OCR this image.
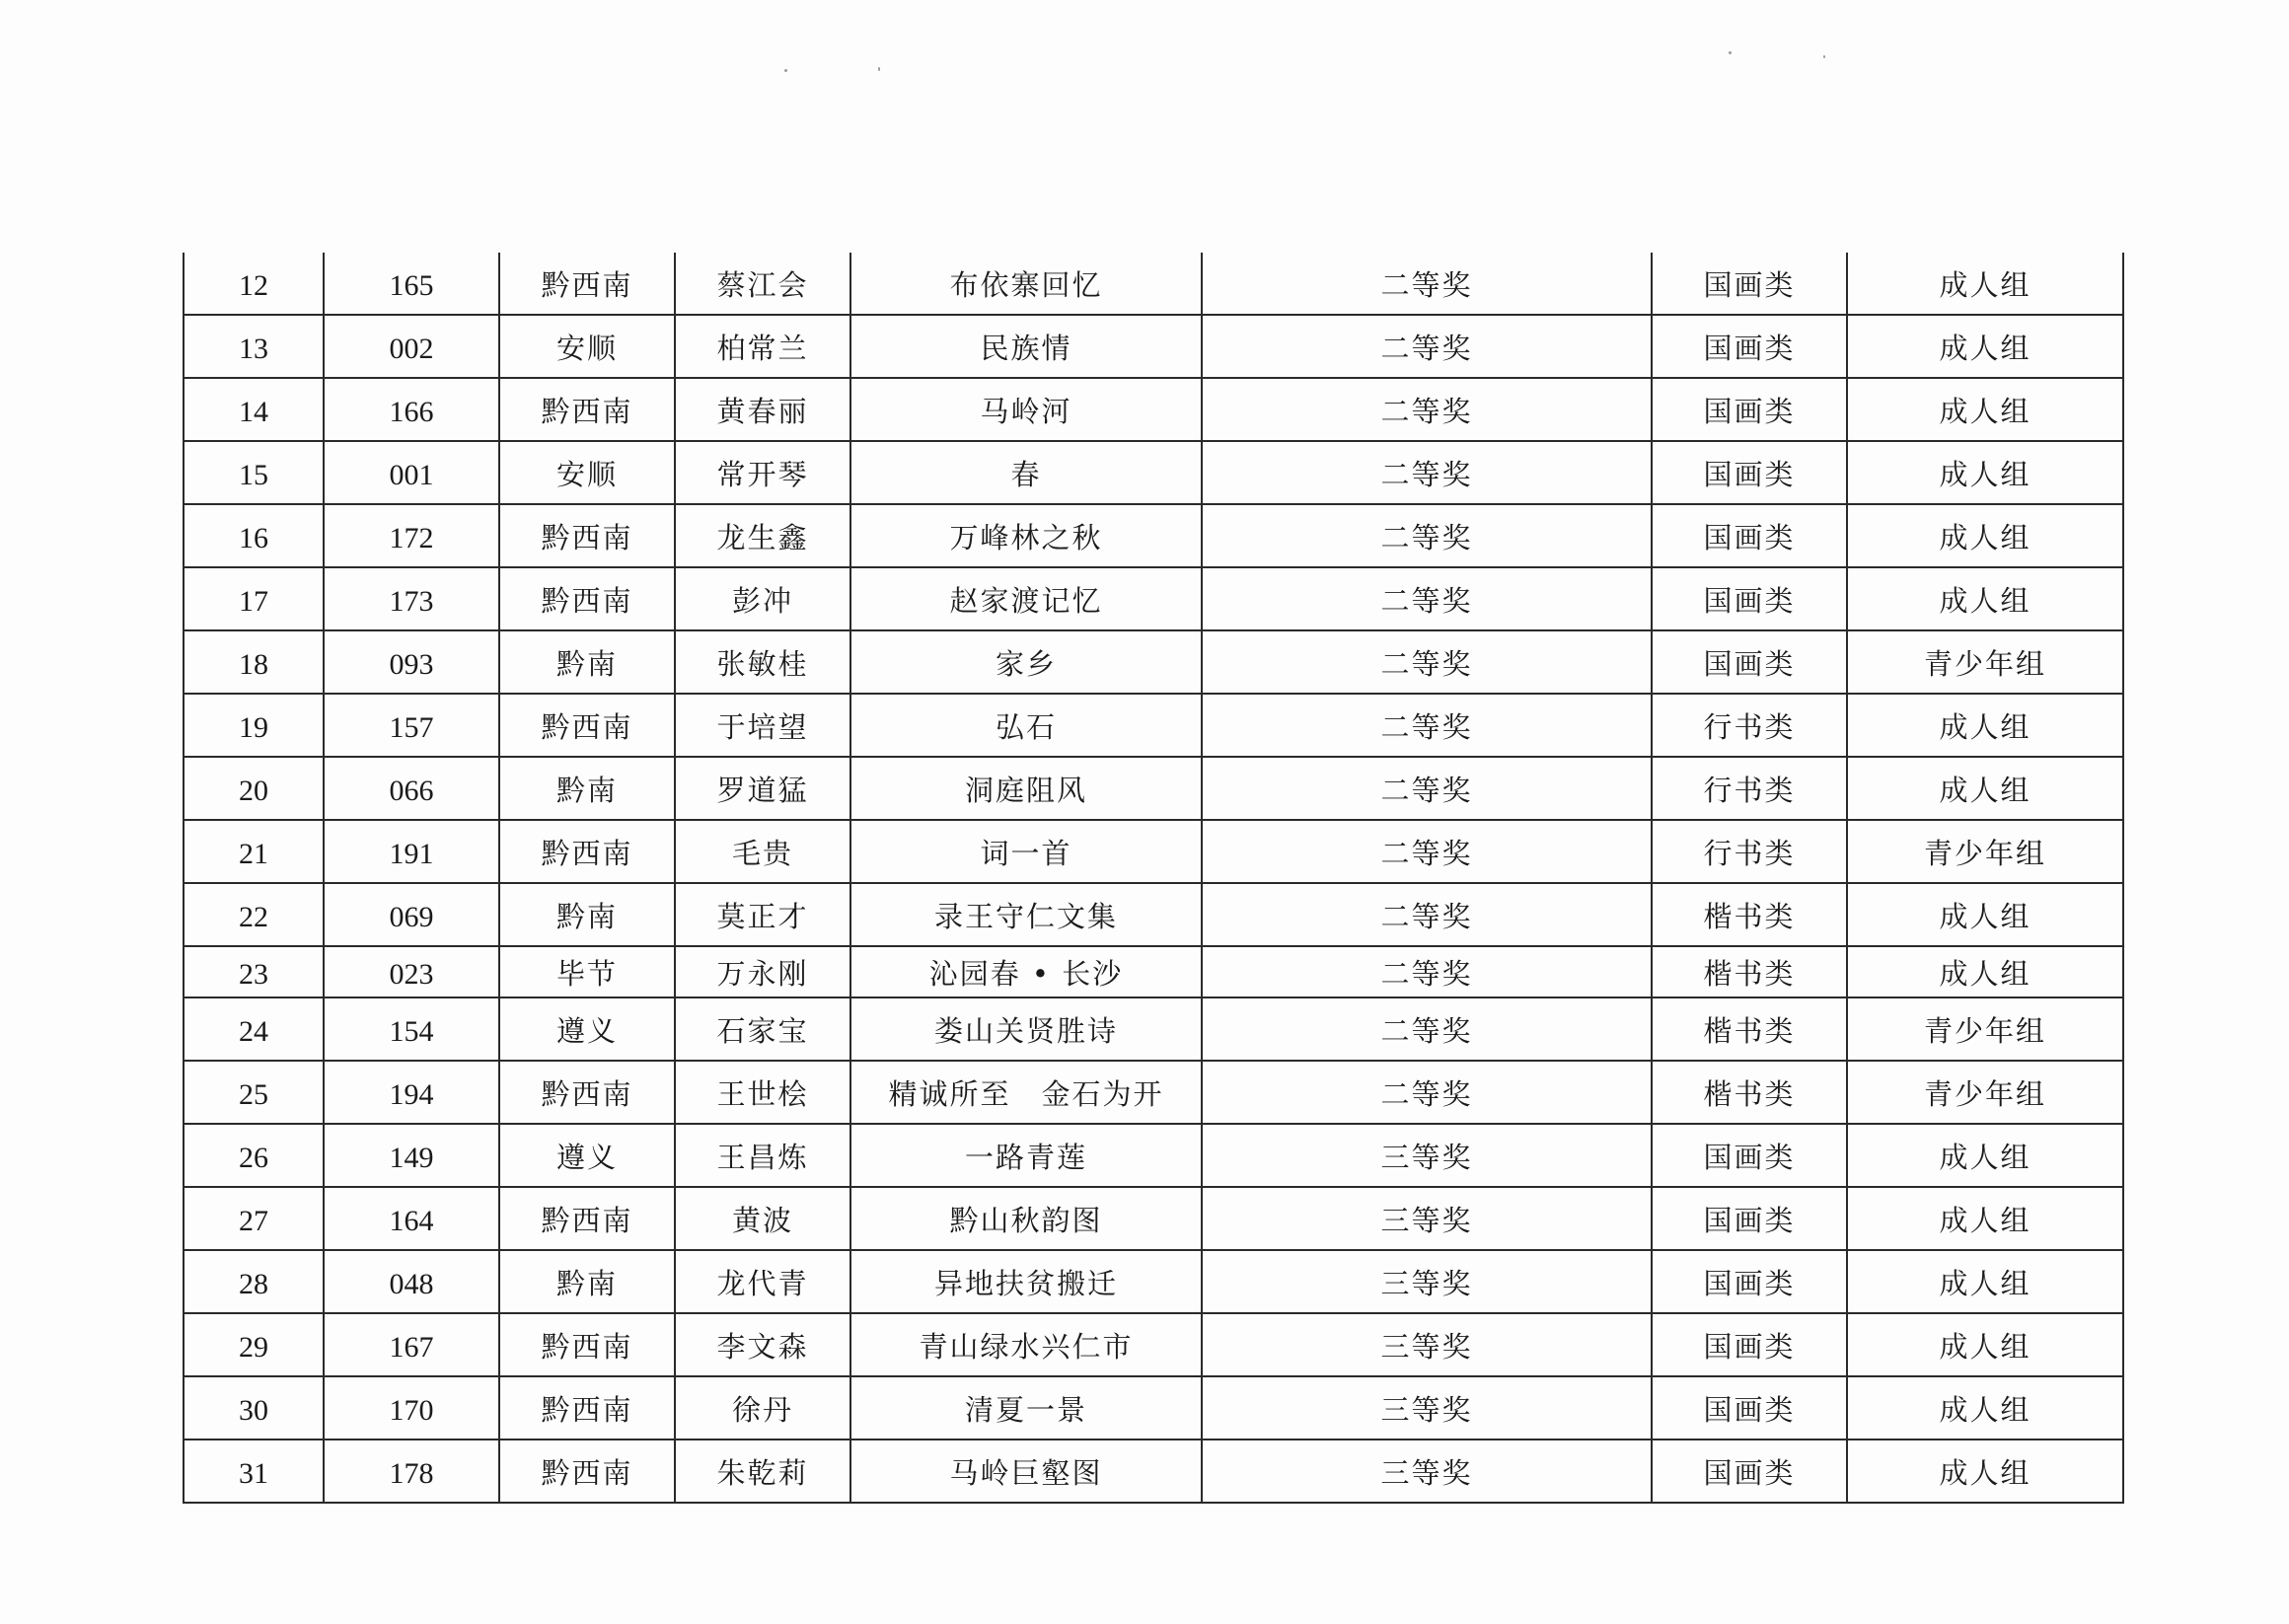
12	165	黔西南	蔡江会	布依寨回忆	二等奖	国画类	成人组
13	002	安顺	柏常兰	民族情	二等奖	国画类	成人组
14	166	黔西南	黄春丽	马岭河	二等奖	国画类	成人组
15	001	安顺	常开琴	春	二等奖	国画类	成人组
16	172	黔西南	龙生鑫	万峰林之秋	二等奖	国画类	成人组
17	173	黔西南	彭冲	赵家渡记忆	二等奖	国画类	成人组
18	093	黔南	张敏桂	家乡	二等奖	国画类	青少年组
19	157	黔西南	于培望	弘石	二等奖	行书类	成人组
20	066	黔南	罗道猛	洞庭阻风	二等奖	行书类	成人组
21	191	黔西南	毛贵	词一首	二等奖	行书类	青少年组
22	069	黔南	莫正才	录王守仁文集	二等奖	楷书类	成人组
23	023	毕节	万永刚	沁园春 • 长沙	二等奖	楷书类	成人组
24	154	遵义	石家宝	娄山关贤胜诗	二等奖	楷书类	青少年组
25	194	黔西南	王世桧	精诚所至　金石为开	二等奖	楷书类	青少年组
26	149	遵义	王昌炼	一路青莲	三等奖	国画类	成人组
27	164	黔西南	黄波	黔山秋韵图	三等奖	国画类	成人组
28	048	黔南	龙代青	异地扶贫搬迁	三等奖	国画类	成人组
29	167	黔西南	李文森	青山绿水兴仁市	三等奖	国画类	成人组
30	170	黔西南	徐丹	清夏一景	三等奖	国画类	成人组
31	178	黔西南	朱乾莉	马岭巨壑图	三等奖	国画类	成人组
